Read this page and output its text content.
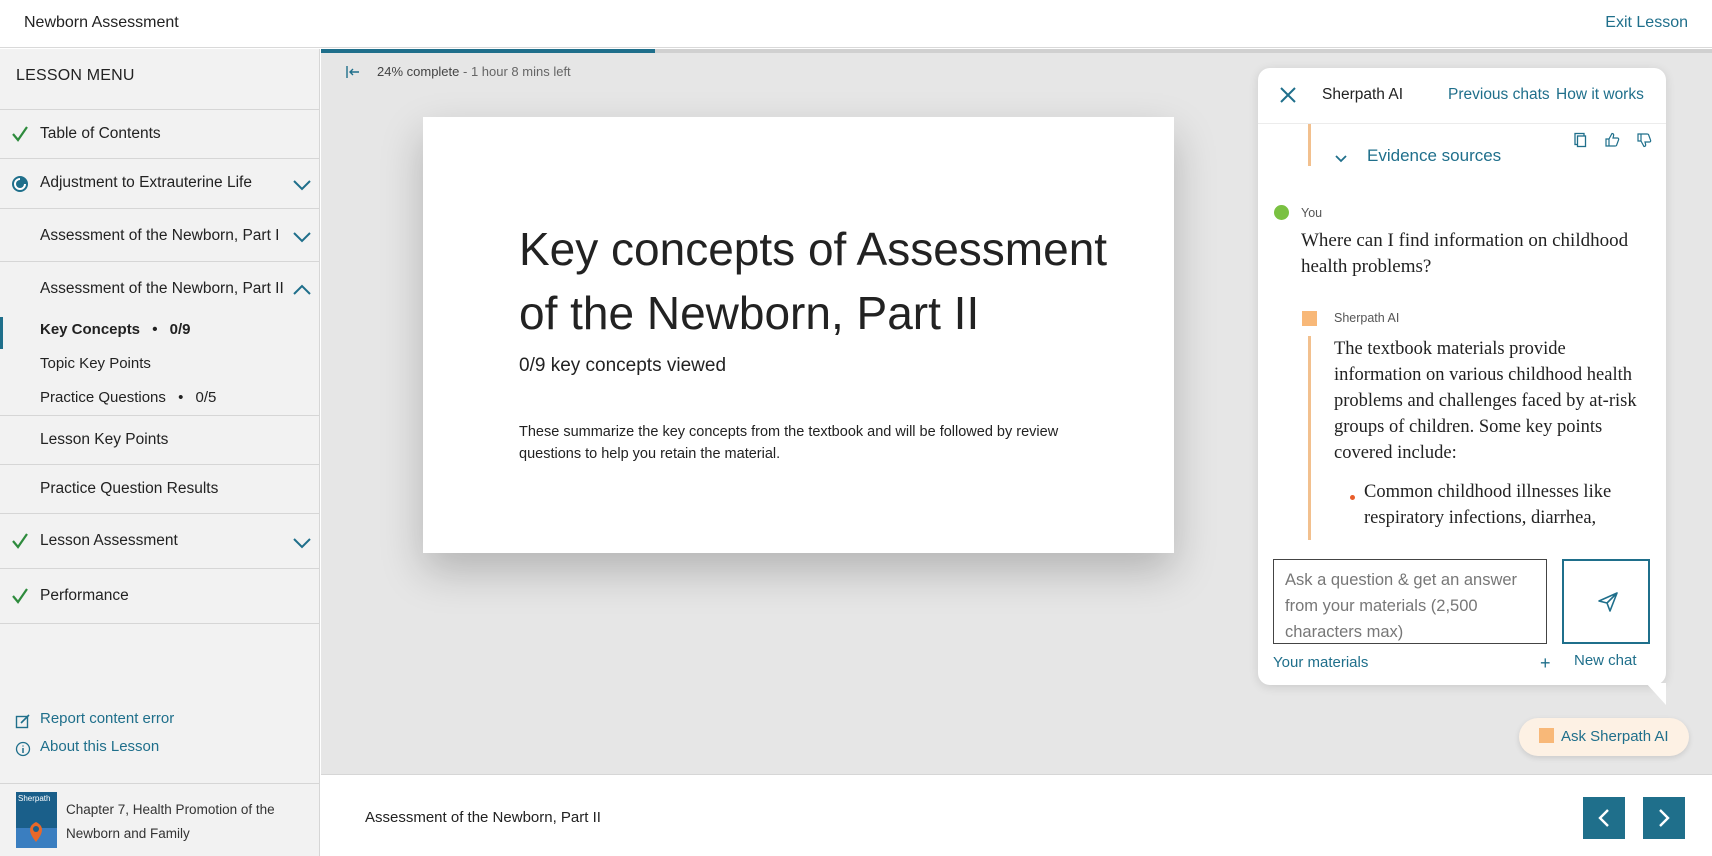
Newborn Assessment	Exit Lesson
LESSON MENU
Table of Contents
Adjustment to Extrauterine Life
Assessment of the Newborn, Part I
Assessment of the Newborn, Part II
Key Concepts • 0/9
Topic Key Points
Practice Questions • 0/5
Lesson Key Points
Practice Question Results
Lesson Assessment
Performance
Report content error
About this Lesson
Sherpath
Chapter 7, Health Promotion of the Newborn and Family
24% complete - 1 hour 8 mins left
Key concepts of Assessment of the Newborn, Part II
0/9 key concepts viewed
These summarize the key concepts from the textbook and will be followed by review questions to help you retain the material.
Assessment of the Newborn, Part II
Sherpath AI	Previous chats How it works
Evidence sources
You
Where can I find information on childhood health problems?
Sherpath AI
The textbook materials provide information on various childhood health problems and challenges faced by at-risk groups of children. Some key points covered include:
Common childhood illnesses like respiratory infections, diarrhea,
Ask a question & get an answer from your materials (2,500 characters max)
Your materials	+ New chat
Ask Sherpath AI
